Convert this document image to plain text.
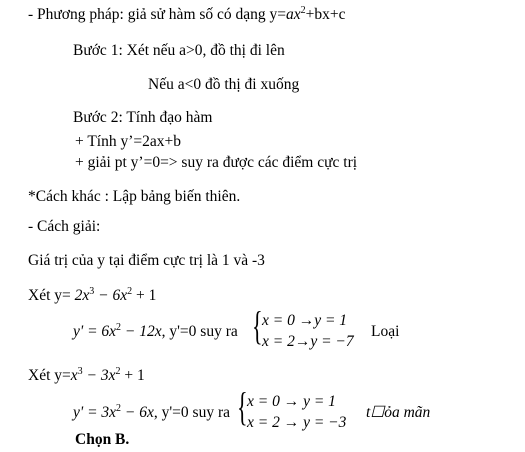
- Phương pháp: giả sử hàm số có dạng $y=ax^2+bx+c$
Bước 1: Xét nếu a>0, đồ thị đi lên
Nếu a<0 đồ thị đi xuống
Bước 2: Tính đạo hàm
+ Tính y’=2ax+b
+ giải pt y’=0=> suy ra được các điểm cực trị
*Cách khác : Lập bảng biến thiên.
- Cách giải:
Giá trị của y tại điểm cực trị là 1 và -3
Xét $y= 2x^3 - 6x^2 + 1$
$y' = 6x^2 - 12x$, y'=0 suy ra { x = 0 →y = 1
x = 2→y = −7
Loại
Xét $y=x^3 - 3x^2 + 1$
$y' = 3x^2 - 6x$, y'=0 suy ra { x = 0 → y = 1
x = 2 → y = −3
t☐ỏa mãn
Chọn B.
